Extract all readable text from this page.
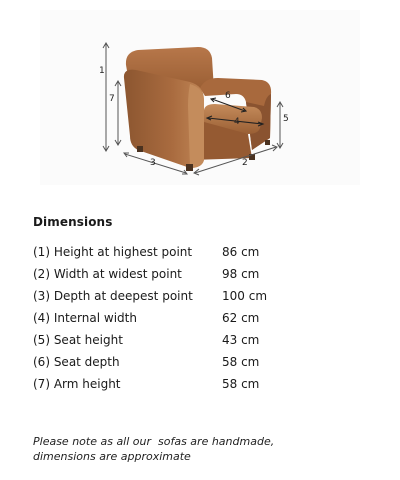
1
2
3
4	5
6
7
Dimensions
(1) Height at highest point 86 cm
(2) Width at widest point	98 cm
(3) Depth at deepest point 100 cm
(4) Internal width	62 cm
(5) Seat height	43 cm
(6) Seat depth	58 cm
(7) Arm height	58 cm
Please note as all our  sofas are handmade,
dimensions are approximate
